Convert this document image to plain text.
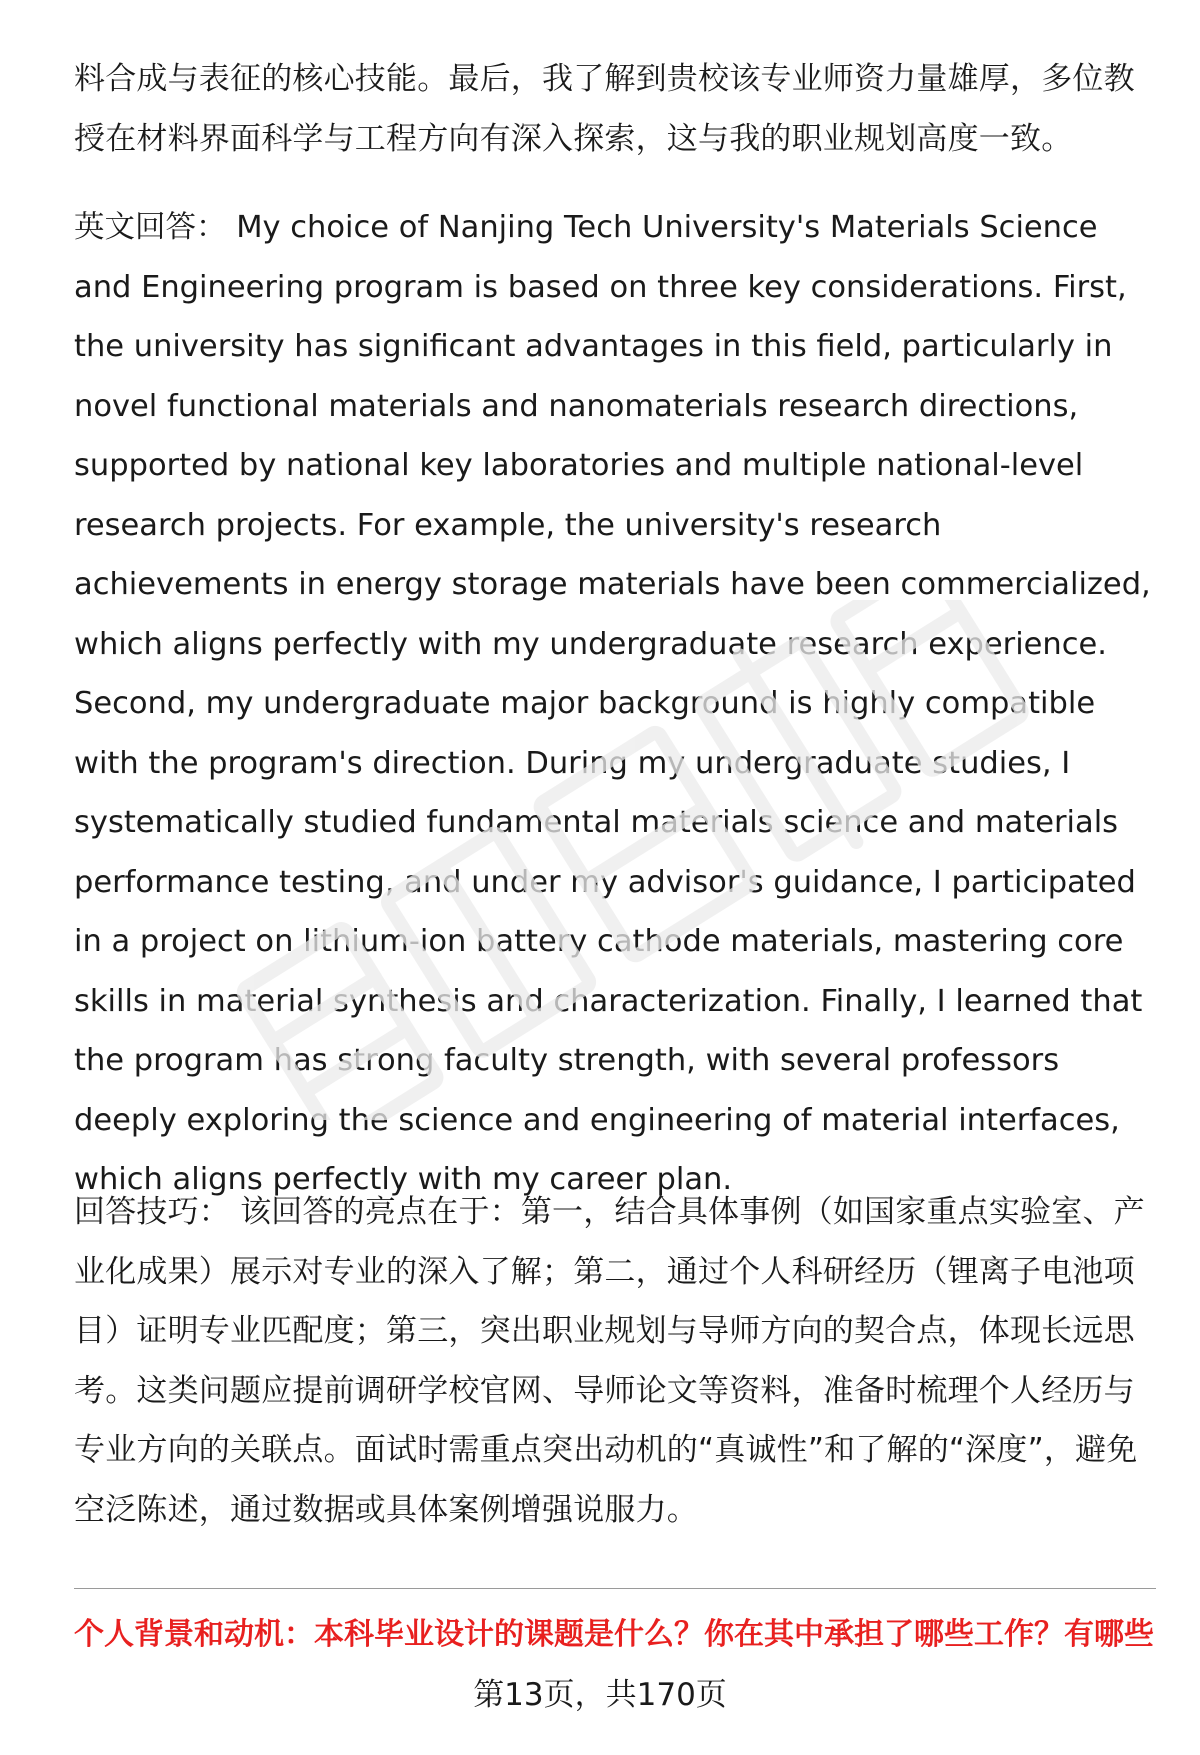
料合成与表征的核心技能。最后，我了解到贵校该专业师资力量雄厚，多位教授在材料界面科学与工程方向有深入探索，这与我的职业规划高度一致。

英文回答： My choice of Nanjing Tech University's Materials Science and Engineering program is based on three key considerations. First, the university has significant advantages in this field, particularly in novel functional materials and nanomaterials research directions, supported by national key laboratories and multiple national-level research projects. For example, the university's research achievements in energy storage materials have been commercialized, which aligns perfectly with my undergraduate research experience. Second, my undergraduate major background is highly compatible with the program's direction. During my undergraduate studies, I systematically studied fundamental materials science and materials performance testing, and under my advisor's guidance, I participated in a project on lithium-ion battery cathode materials, mastering core skills in material synthesis and characterization. Finally, I learned that the program has strong faculty strength, with several professors deeply exploring the science and engineering of material interfaces, which aligns perfectly with my career plan.

回答技巧： 该回答的亮点在于：第一，结合具体事例（如国家重点实验室、产业化成果）展示对专业的深入了解；第二，通过个人科研经历（锂离子电池项目）证明专业匹配度；第三，突出职业规划与导师方向的契合点，体现长远思考。这类问题应提前调研学校官网、导师论文等资料，准备时梳理个人经历与专业方向的关联点。面试时需重点突出动机的“真诚性”和了解的“深度”，避免空泛陈述，通过数据或具体案例增强说服力。

个人背景和动机：本科毕业设计的课题是什么？你在其中承担了哪些工作？有哪些
第13页，共170页
